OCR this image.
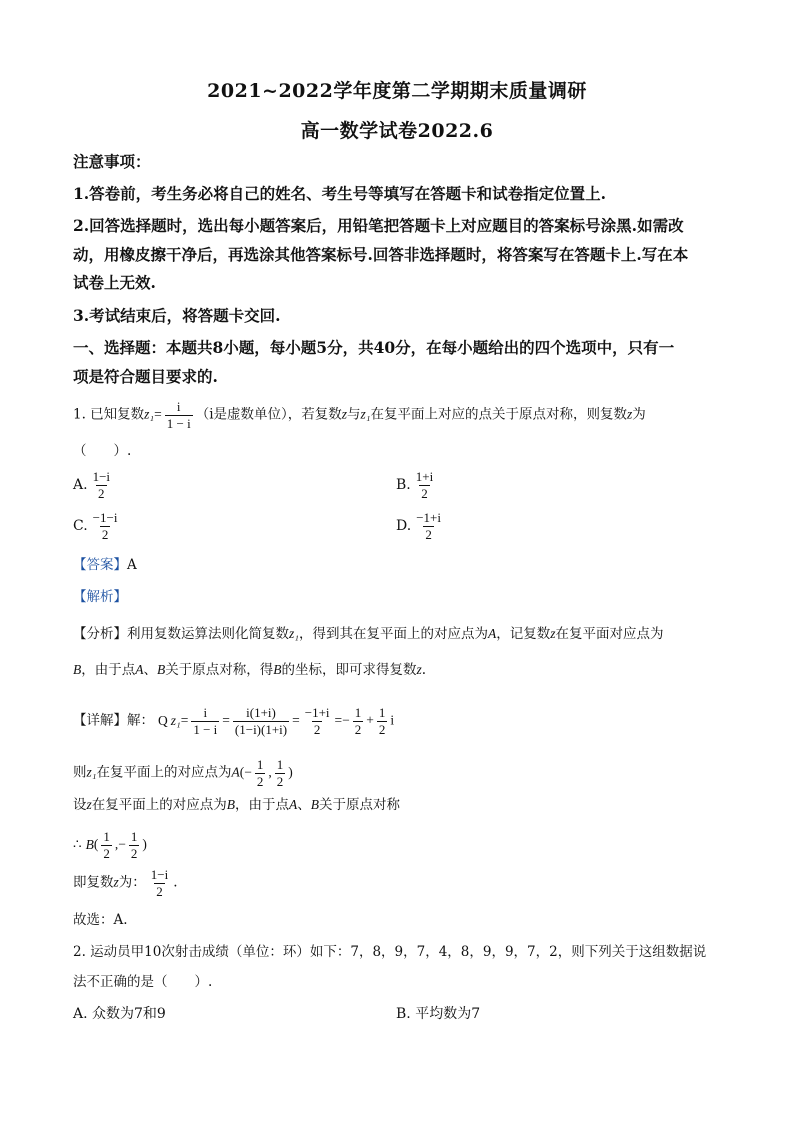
2021~2022学年度第二学期期末质量调研
高一数学试卷2022.6
注意事项：
1.答卷前，考生务必将自己的姓名、考生号等填写在答题卡和试卷指定位置上.
2.回答选择题时，选出每小题答案后，用铅笔把答题卡上对应题目的答案标号涂黑.如需改
动，用橡皮擦干净后，再选涂其他答案标号.回答非选择题时，将答案写在答题卡上.写在本
试卷上无效.
3.考试结束后，将答题卡交回.
一、选择题：本题共8小题，每小题5分，共40分，在每小题给出的四个选项中，只有一
项是符合题目要求的.
1. 已知复数$z_1= \frac{i}{1 - i} (i$是虚数单位），若复数z与z₁在复平面上对应的点关于原点对称，则复数z为
（　　）.
A. $\frac{1-i}{2}$	B. $\frac{1+i}{2}$
C. $\frac{-1-i}{2}$	D. $\frac{-1+i}{2}$
【答案】A
【解析】
【分析】利用复数运算法则化简复数z₁，得到其在复平面上的对应点为A，记复数z在复平面对应点为
B，由于点A、B关于原点对称，得B的坐标，即可求得复数z.
【详解】解： Q $z_1= \frac{i}{1 - i} = \frac{i(1+i)}{(1-i)(1+i)} = \frac{-1+i}{2} =- \frac{1}{2} + \frac{1}{2}$ i
则z₁在复平面上的对应点为$A(- \frac{1}{2}$ , $\frac{1}{2}$ )
设z在复平面上的对应点为B，由于点A、B关于原点对称
∴ $B( \frac{1}{2}$ ,− $\frac{1}{2}$ )
即复数z为： $\frac{1-i}{2}$ .
故选：A.
2. 运动员甲10次射击成绩（单位：环）如下：7，8，9，7，4，8，9，9，7，2，则下列关于这组数据说
法不正确的是（　　）.
A. 众数为7和9	B. 平均数为7
